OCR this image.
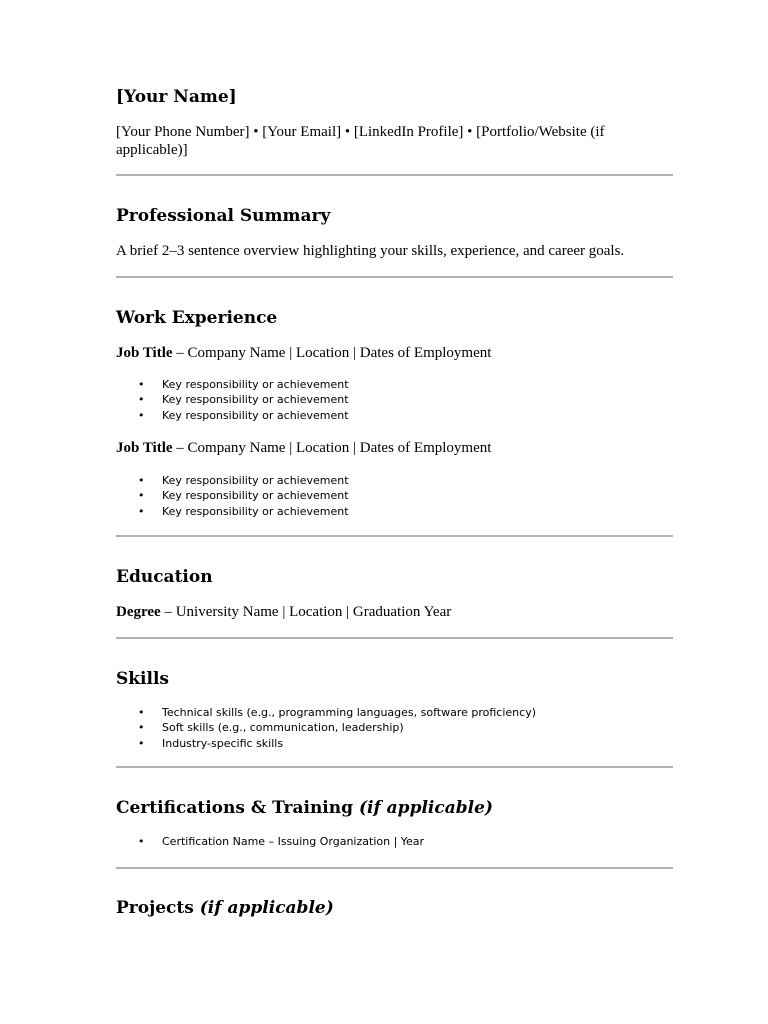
[Your Name]
[Your Phone Number] • [Your Email] • [LinkedIn Profile] • [Portfolio/Website (if applicable)]
Professional Summary
A brief 2–3 sentence overview highlighting your skills, experience, and career goals.
Work Experience
Job Title – Company Name | Location | Dates of Employment
• Key responsibility or achievement
• Key responsibility or achievement
• Key responsibility or achievement
Job Title – Company Name | Location | Dates of Employment
• Key responsibility or achievement
• Key responsibility or achievement
• Key responsibility or achievement
Education
Degree – University Name | Location | Graduation Year
Skills
• Technical skills (e.g., programming languages, software proficiency)
• Soft skills (e.g., communication, leadership)
• Industry-specific skills
Certifications & Training (if applicable)
• Certification Name – Issuing Organization | Year
Projects (if applicable)
